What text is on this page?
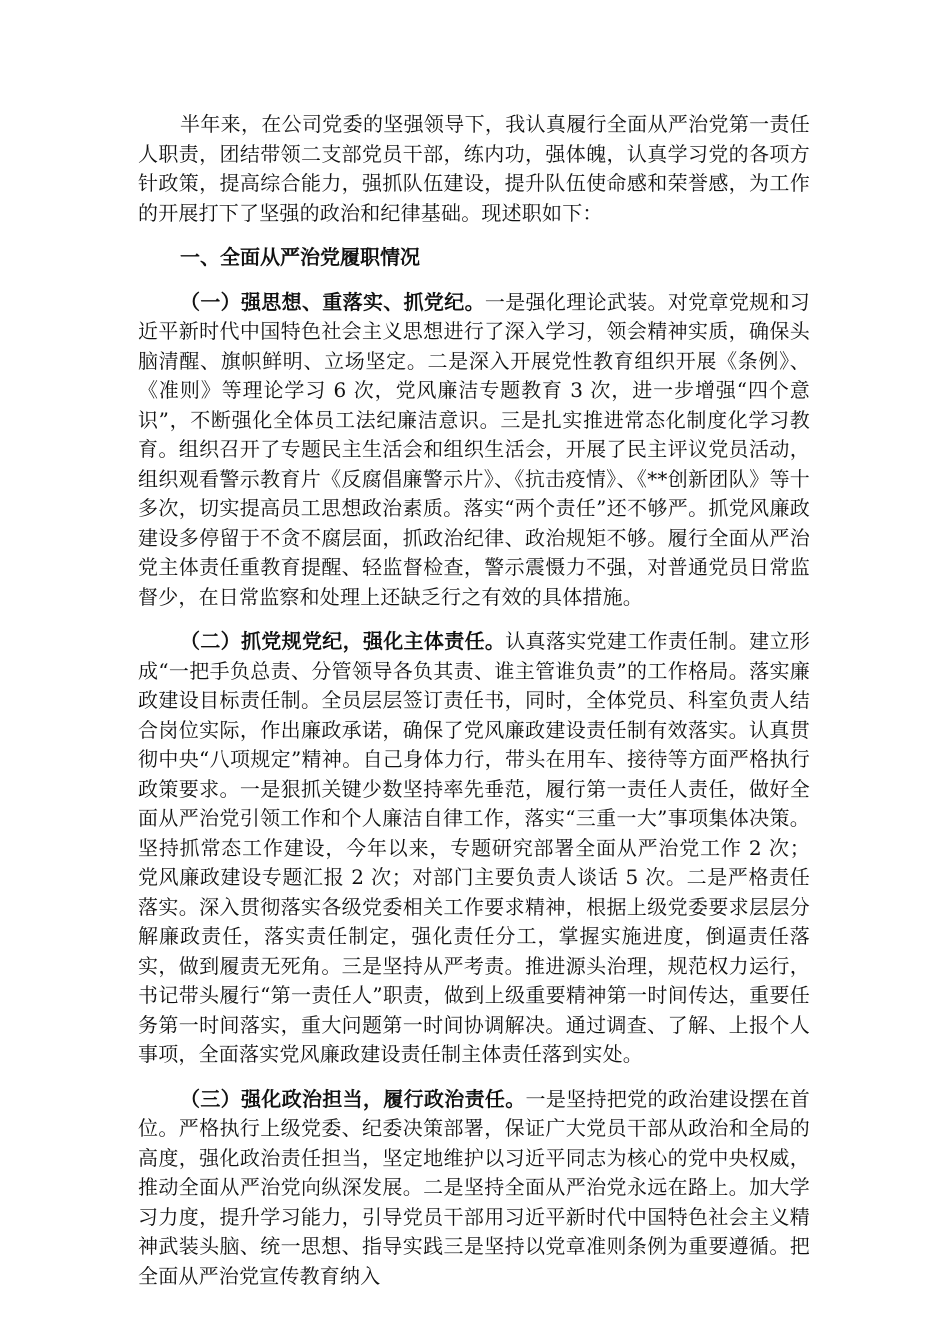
半年来，在公司党委的坚强领导下，我认真履行全面从严治党第一责任人职责，团结带领二支部党员干部，练内功，强体魄，认真学习党的各项方针政策，提高综合能力，强抓队伍建设，提升队伍使命感和荣誉感，为工作的开展打下了坚强的政治和纪律基础。现述职如下：

一、全面从严治党履职情况

（一）强思想、重落实、抓党纪。一是强化理论武装。对党章党规和习近平新时代中国特色社会主义思想进行了深入学习，领会精神实质，确保头脑清醒、旗帜鲜明、立场坚定。二是深入开展党性教育组织开展《条例》、《准则》等理论学习 6 次，党风廉洁专题教育 3 次，进一步增强“四个意识”，不断强化全体员工法纪廉洁意识。三是扎实推进常态化制度化学习教育。组织召开了专题民主生活会和组织生活会，开展了民主评议党员活动，组织观看警示教育片《反腐倡廉警示片》、《抗击疫情》、《**创新团队》等十多次，切实提高员工思想政治素质。落实“两个责任”还不够严。抓党风廉政建设多停留于不贪不腐层面，抓政治纪律、政治规矩不够。履行全面从严治党主体责任重教育提醒、轻监督检查，警示震慑力不强，对普通党员日常监督少，在日常监察和处理上还缺乏行之有效的具体措施。

（二）抓党规党纪，强化主体责任。认真落实党建工作责任制。建立形成“一把手负总责、分管领导各负其责、谁主管谁负责”的工作格局。落实廉政建设目标责任制。全员层层签订责任书，同时，全体党员、科室负责人结合岗位实际，作出廉政承诺，确保了党风廉政建设责任制有效落实。认真贯彻中央“八项规定”精神。自己身体力行，带头在用车、接待等方面严格执行政策要求。一是狠抓关键少数坚持率先垂范，履行第一责任人责任，做好全面从严治党引领工作和个人廉洁自律工作，落实“三重一大”事项集体决策。坚持抓常态工作建设，今年以来，专题研究部署全面从严治党工作 2 次；党风廉政建设专题汇报 2 次；对部门主要负责人谈话 5 次。二是严格责任落实。深入贯彻落实各级党委相关工作要求精神，根据上级党委要求层层分解廉政责任，落实责任制定，强化责任分工，掌握实施进度，倒逼责任落实，做到履责无死角。三是坚持从严考责。推进源头治理，规范权力运行，书记带头履行“第一责任人”职责，做到上级重要精神第一时间传达，重要任务第一时间落实，重大问题第一时间协调解决。通过调查、了解、上报个人事项，全面落实党风廉政建设责任制主体责任落到实处。

（三）强化政治担当，履行政治责任。一是坚持把党的政治建设摆在首位。严格执行上级党委、纪委决策部署，保证广大党员干部从政治和全局的高度，强化政治责任担当，坚定地维护以习近平同志为核心的党中央权威，推动全面从严治党向纵深发展。二是坚持全面从严治党永远在路上。加大学习力度，提升学习能力，引导党员干部用习近平新时代中国特色社会主义精神武装头脑、统一思想、指导实践三是坚持以党章准则条例为重要遵循。把全面从严治党宣传教育纳入
